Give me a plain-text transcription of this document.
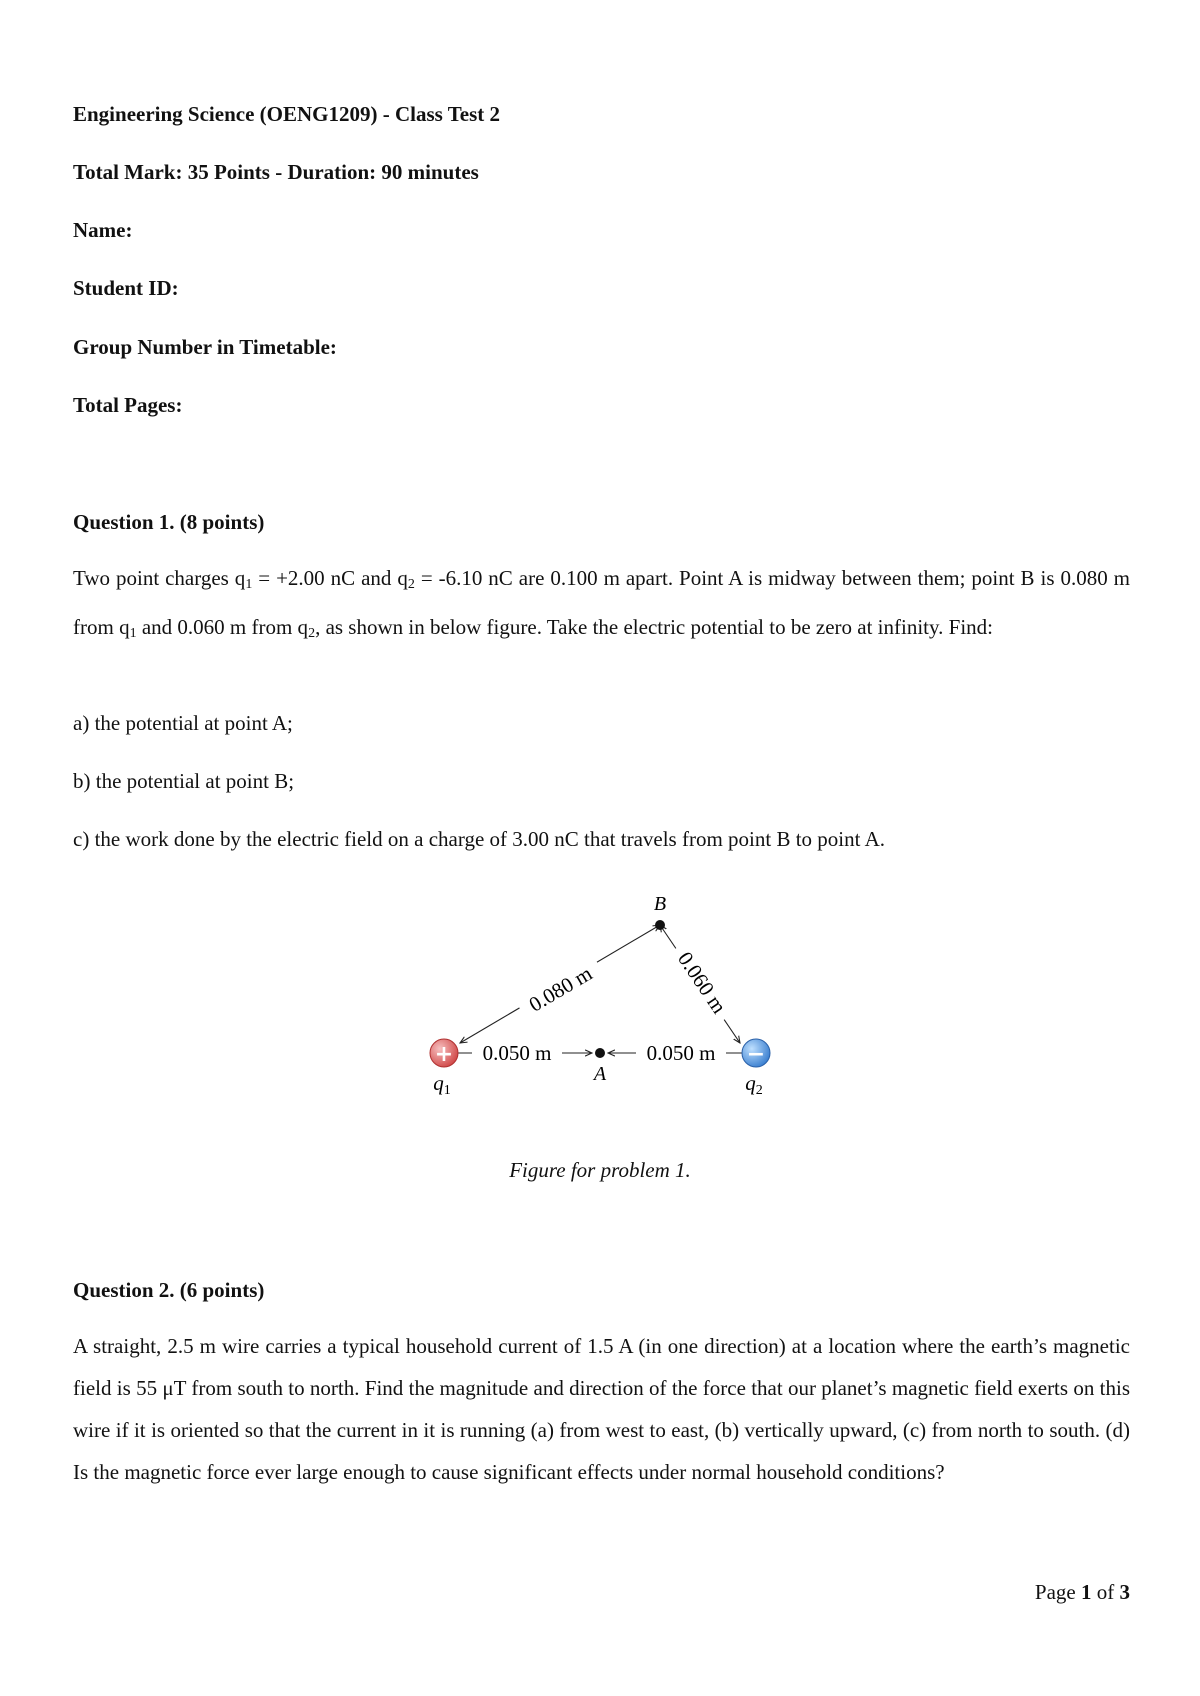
Engineering Science (OENG1209) - Class Test 2
Total Mark: 35 Points - Duration: 90 minutes
Name:
Student ID:
Group Number in Timetable:
Total Pages:
Question 1. (8 points)

Two point charges $q_1 = +2.00$ nC and $q_2 = -6.10$ nC are 0.100 m apart. Point A is midway between them; point B is 0.080 m from $q_1$ and 0.060 m from $q_2$, as shown in below figure. Take the electric potential to be zero at infinity. Find:

a) the potential at point A;

b) the potential at point B;

c) the work done by the electric field on a charge of 3.00 nC that travels from point B to point A.

0.080 m	0.060 m
0.050 m	0.050 m
B
A
+
q1
−
q2
Figure for problem 1.
Question 2. (6 points)

A straight, 2.5 m wire carries a typical household current of 1.5 A (in one direction) at a location where the earth’s magnetic field is 55 μT from south to north. Find the magnitude and direction of the force that our planet’s magnetic field exerts on this wire if it is oriented so that the current in it is running (a) from west to east, (b) vertically upward, (c) from north to south. (d) Is the magnetic force ever large enough to cause significant effects under normal household conditions?

Page 1 of 3
